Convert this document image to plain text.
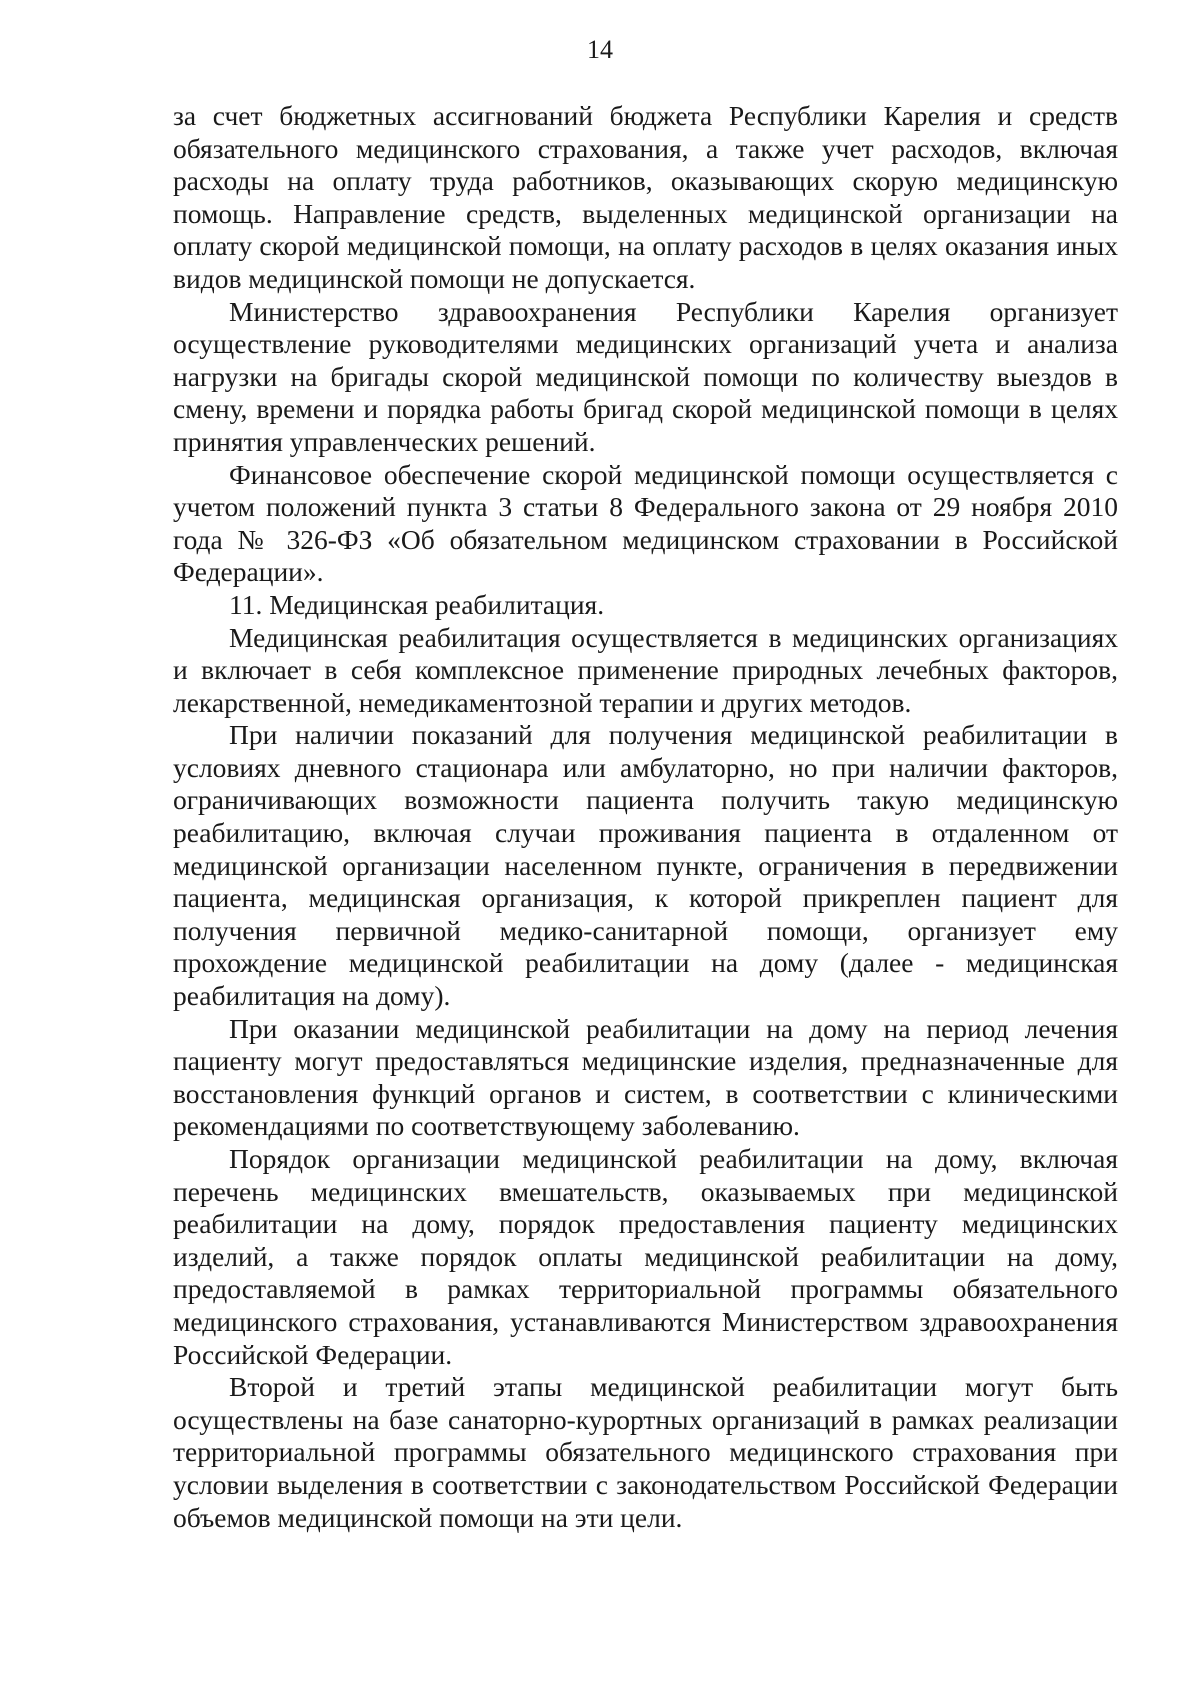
14

за счет бюджетных ассигнований бюджета Республики Карелия и средств обязательного медицинского страхования, а также учет расходов, включая расходы на оплату труда работников, оказывающих скорую медицинскую помощь. Направление средств, выделенных медицинской организации на оплату скорой медицинской помощи, на оплату расходов в целях оказания иных видов медицинской помощи не допускается.

Министерство здравоохранения Республики Карелия организует осуществление руководителями медицинских организаций учета и анализа нагрузки на бригады скорой медицинской помощи по количеству выездов в смену, времени и порядка работы бригад скорой медицинской помощи в целях принятия управленческих решений.

Финансовое обеспечение скорой медицинской помощи осуществляется с учетом положений пункта 3 статьи 8 Федерального закона от 29 ноября 2010 года № 326-ФЗ «Об обязательном медицинском страховании в Российской Федерации».

11. Медицинская реабилитация.

Медицинская реабилитация осуществляется в медицинских организациях и включает в себя комплексное применение природных лечебных факторов, лекарственной, немедикаментозной терапии и других методов.

При наличии показаний для получения медицинской реабилитации в условиях дневного стационара или амбулаторно, но при наличии факторов, ограничивающих возможности пациента получить такую медицинскую реабилитацию, включая случаи проживания пациента в отдаленном от медицинской организации населенном пункте, ограничения в передвижении пациента, медицинская организация, к которой прикреплен пациент для получения первичной медико-санитарной помощи, организует ему прохождение медицинской реабилитации на дому (далее - медицинская реабилитация на дому).

При оказании медицинской реабилитации на дому на период лечения пациенту могут предоставляться медицинские изделия, предназначенные для восстановления функций органов и систем, в соответствии с клиническими рекомендациями по соответствующему заболеванию.

Порядок организации медицинской реабилитации на дому, включая перечень медицинских вмешательств, оказываемых при медицинской реабилитации на дому, порядок предоставления пациенту медицинских изделий, а также порядок оплаты медицинской реабилитации на дому, предоставляемой в рамках территориальной программы обязательного медицинского страхования, устанавливаются Министерством здравоохранения Российской Федерации.

Второй и третий этапы медицинской реабилитации могут быть осуществлены на базе санаторно-курортных организаций в рамках реализации территориальной программы обязательного медицинского страхования при условии выделения в соответствии с законодательством Российской Федерации объемов медицинской помощи на эти цели.
